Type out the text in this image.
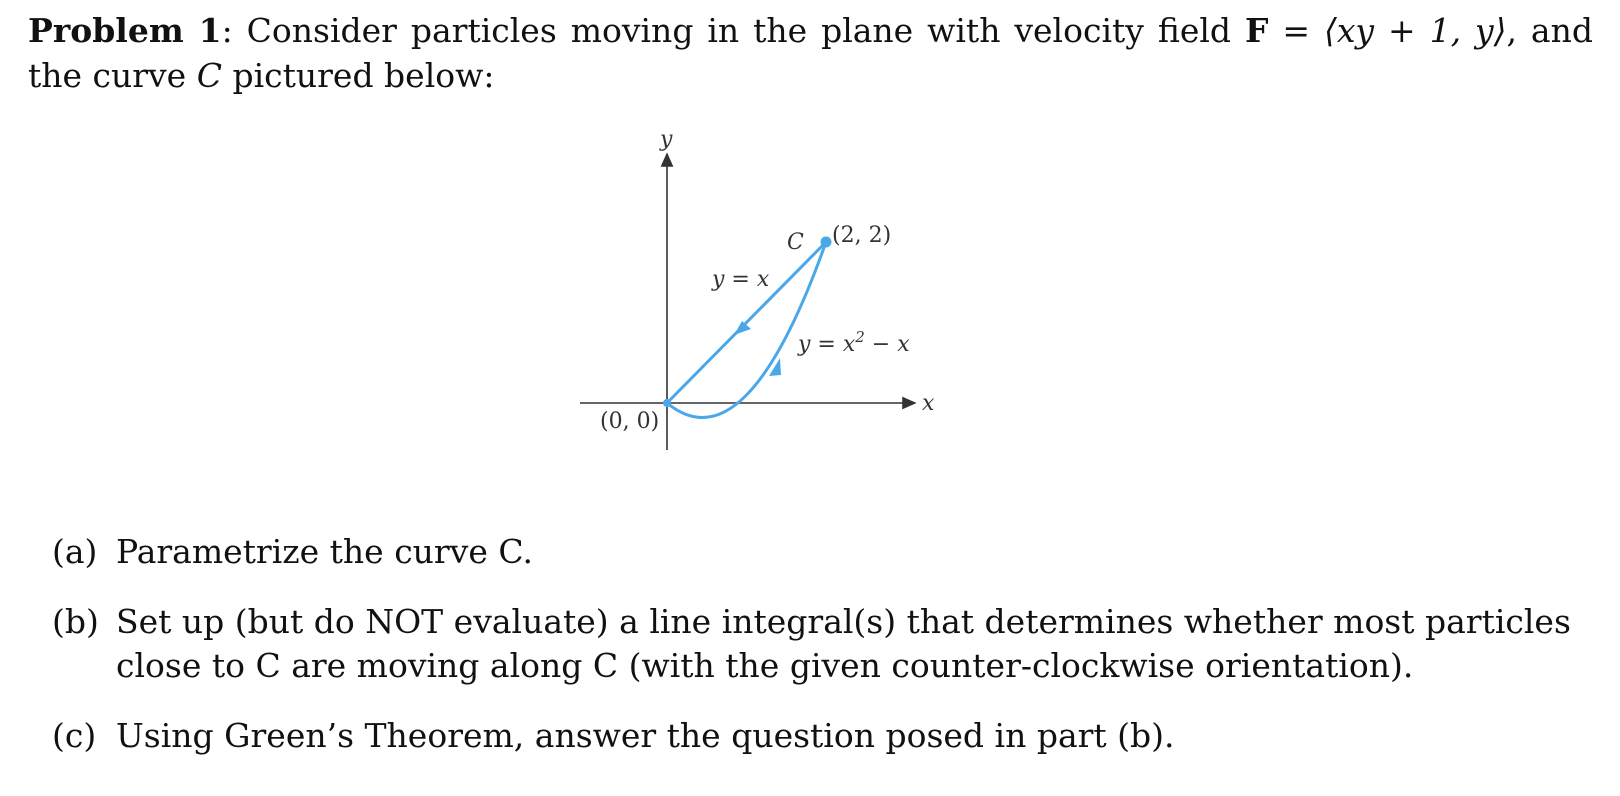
Problem 1: Consider particles moving in the plane with velocity field F = ⟨xy + 1, y⟩, and the curve C pictured below:
y
x
C (2, 2)
y = x
$y = x^2 - x$
(0, 0)
(a) Parametrize the curve C.
(b) Set up (but do NOT evaluate) a line integral(s) that determines whether most particles close to C are moving along C (with the given counter-clockwise orientation).
(c) Using Green’s Theorem, answer the question posed in part (b).
